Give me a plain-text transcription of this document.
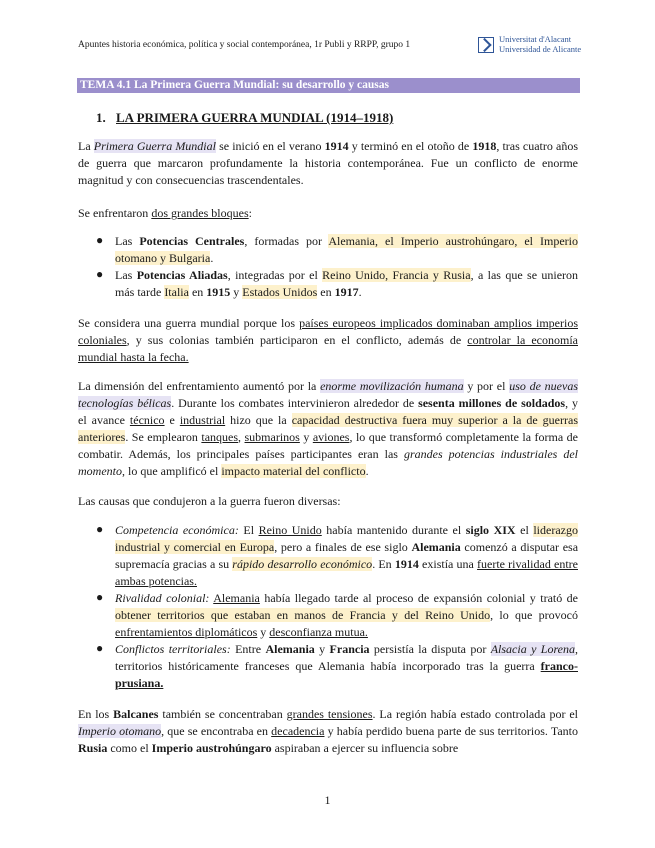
Apuntes historia económica, política y social contemporánea, 1r Publi y RRPP, grupo 1
Universitat d'Alacant
Universidad de Alicante
TEMA 4.1 La Primera Guerra Mundial: su desarrollo y causas
1. LA PRIMERA GUERRA MUNDIAL (1914–1918)
La Primera Guerra Mundial se inició en el verano 1914 y terminó en el otoño de 1918, tras cuatro años de guerra que marcaron profundamente la historia contemporánea. Fue un conflicto de enorme magnitud y con consecuencias trascendentales.
Se enfrentaron dos grandes bloques:
● Las Potencias Centrales, formadas por Alemania, el Imperio austrohúngaro, el Imperio otomano y Bulgaria.
● Las Potencias Aliadas, integradas por el Reino Unido, Francia y Rusia, a las que se unieron más tarde Italia en 1915 y Estados Unidos en 1917.
Se considera una guerra mundial porque los países europeos implicados dominaban amplios imperios coloniales, y sus colonias también participaron en el conflicto, además de controlar la economía mundial hasta la fecha.
La dimensión del enfrentamiento aumentó por la enorme movilización humana y por el uso de nuevas tecnologías bélicas. Durante los combates intervinieron alrededor de sesenta millones de soldados, y el avance técnico e industrial hizo que la capacidad destructiva fuera muy superior a la de guerras anteriores. Se emplearon tanques, submarinos y aviones, lo que transformó completamente la forma de combatir. Además, los principales países participantes eran las grandes potencias industriales del momento, lo que amplificó el impacto material del conflicto.
Las causas que condujeron a la guerra fueron diversas:
● Competencia económica: El Reino Unido había mantenido durante el siglo XIX el liderazgo industrial y comercial en Europa, pero a finales de ese siglo Alemania comenzó a disputar esa supremacía gracias a su rápido desarrollo económico. En 1914 existía una fuerte rivalidad entre ambas potencias.
● Rivalidad colonial: Alemania había llegado tarde al proceso de expansión colonial y trató de obtener territorios que estaban en manos de Francia y del Reino Unido, lo que provocó enfrentamientos diplomáticos y desconfianza mutua.
● Conflictos territoriales: Entre Alemania y Francia persistía la disputa por Alsacia y Lorena, territorios históricamente franceses que Alemania había incorporado tras la guerra franco-prusiana.
En los Balcanes también se concentraban grandes tensiones. La región había estado controlada por el Imperio otomano, que se encontraba en decadencia y había perdido buena parte de sus territorios. Tanto Rusia como el Imperio austrohúngaro aspiraban a ejercer su influencia sobre
1
